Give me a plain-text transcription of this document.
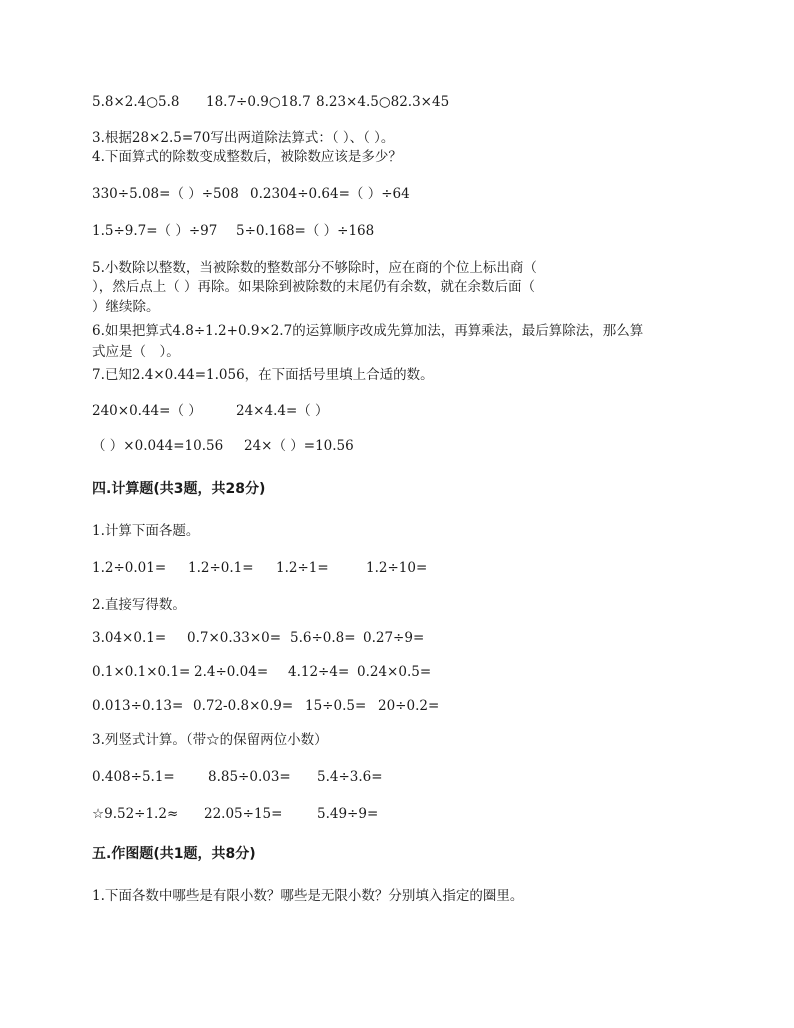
5.8×2.4○5.8 18.7÷0.9○18.7 8.23×4.5○82.3×45
3.根据28×2.5=70写出两道除法算式：（ ）、（ ）。
4.下面算式的除数变成整数后，被除数应该是多少？
330÷5.08=（ ）÷508 0.2304÷0.64=（ ）÷64
1.5÷9.7=（ ）÷97 5÷0.168=（ ）÷168
5.小数除以整数，当被除数的整数部分不够除时，应在商的个位上标出商（
），然后点上（ ）再除。如果除到被除数的末尾仍有余数，就在余数后面（
）继续除。
6.如果把算式4.8÷1.2+0.9×2.7的运算顺序改成先算加法，再算乘法，最后算除法，那么算
式应是（　）。
7.已知2.4×0.44=1.056，在下面括号里填上合适的数。
240×0.44=（ ）	24×4.4=（ ）
（ ）×0.044=10.56 24×（ ）=10.56
四.计算题(共3题，共28分)
1.计算下面各题。
1.2÷0.01= 1.2÷0.1= 1.2÷1=	1.2÷10=
2.直接写得数。
3.04×0.1= 0.7×0.33×0= 5.6÷0.8= 0.27÷9=
0.1×0.1×0.1= 2.4÷0.04= 4.12÷4= 0.24×0.5=
0.013÷0.13= 0.72-0.8×0.9= 15÷0.5= 20÷0.2=
3.列竖式计算。（带☆的保留两位小数）
0.408÷5.1= 8.85÷0.03= 5.4÷3.6=
☆9.52÷1.2≈ 22.05÷15=	5.49÷9=
五.作图题(共1题，共8分)
1.下面各数中哪些是有限小数？哪些是无限小数？分别填入指定的圈里。
